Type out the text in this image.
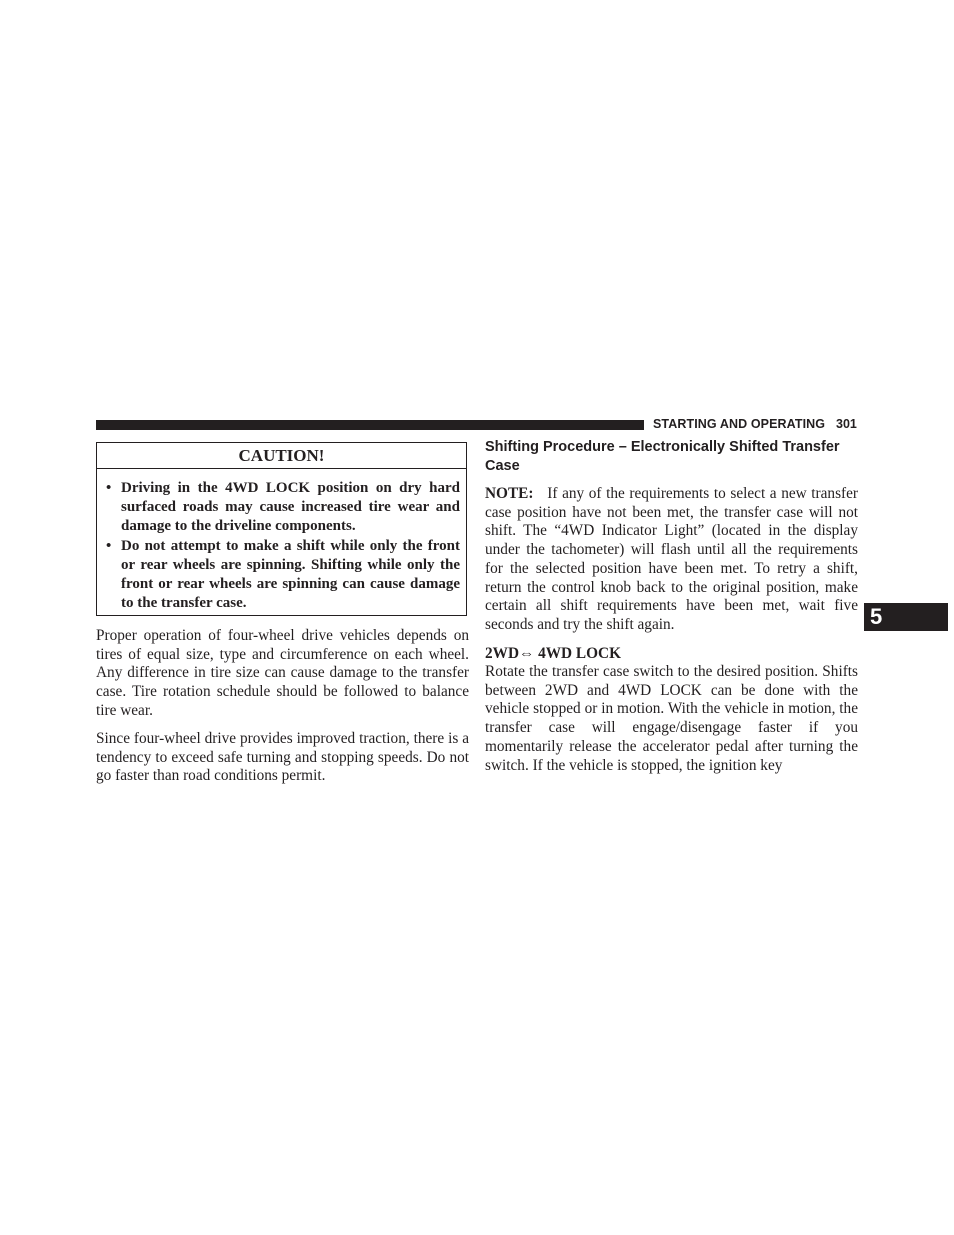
STARTING AND OPERATING 301
CAUTION!
• Driving in the 4WD LOCK position on dry hard surfaced roads may cause increased tire wear and damage to the driveline components.
• Do not attempt to make a shift while only the front or rear wheels are spinning. Shifting while only the front or rear wheels are spinning can cause damage to the transfer case.

Proper operation of four-wheel drive vehicles depends on tires of equal size, type and circumference on each wheel. Any difference in tire size can cause damage to the transfer case. Tire rotation schedule should be followed to balance tire wear.

Since four-wheel drive provides improved traction, there is a tendency to exceed safe turning and stopping speeds. Do not go faster than road conditions permit.

Shifting Procedure – Electronically Shifted Transfer Case

NOTE: If any of the requirements to select a new transfer case position have not been met, the transfer case will not shift. The “4WD Indicator Light” (located in the display under the tachometer) will flash until all the requirements for the selected position have been met. To retry a shift, return the control knob back to the original position, make certain all shift requirements have been met, wait five seconds and try the shift again.

2WD⇔ 4WD LOCK

Rotate the transfer case switch to the desired position. Shifts between 2WD and 4WD LOCK can be done with the vehicle stopped or in motion. With the vehicle in motion, the transfer case will engage/disengage faster if you momentarily release the accelerator pedal after turning the switch. If the vehicle is stopped, the ignition key

5
